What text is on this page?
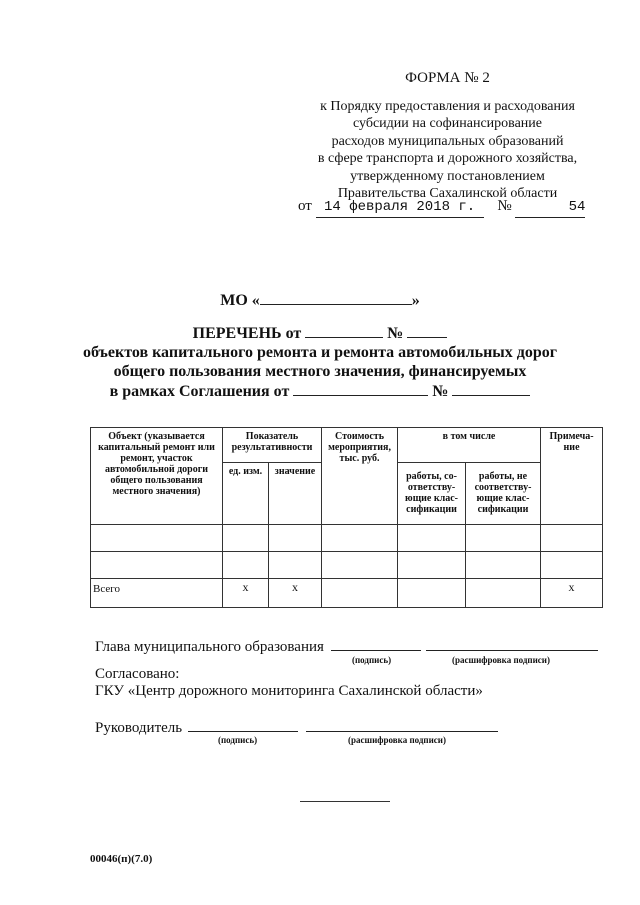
ФОРМА № 2
к Порядку предоставления и расходования
субсидии на софинансирование
расходов муниципальных образований
в сфере транспорта и дорожного хозяйства,
утвержденному постановлением
Правительства Сахалинской области
от 14 февраля 2018 г. №	54
МО «	»
ПЕРЕЧЕНЬ от	№
объектов капитального ремонта и ремонта автомобильных дорог
общего пользования местного значения, финансируемых
в рамках Соглашения от	№
Объект (указывается капитальный ремонт или ремонт, участок автомобильной дороги общего пользования местного значения)	Показатель результативности		Стоимость мероприятия, тыс. руб.	в том числе		Примеча-ние
	ед. изм.	значение		работы, со-ответству-ющие клас-сификации	работы, не соответству-ющие клас-сификации	

Всего	x	x				x
Глава муниципального образования
(подпись)	(расшифровка подписи)
Согласовано:
ГКУ «Центр дорожного мониторинга Сахалинской области»
Руководитель
(подпись)	(расшифровка подписи)
00046(п)(7.0)
